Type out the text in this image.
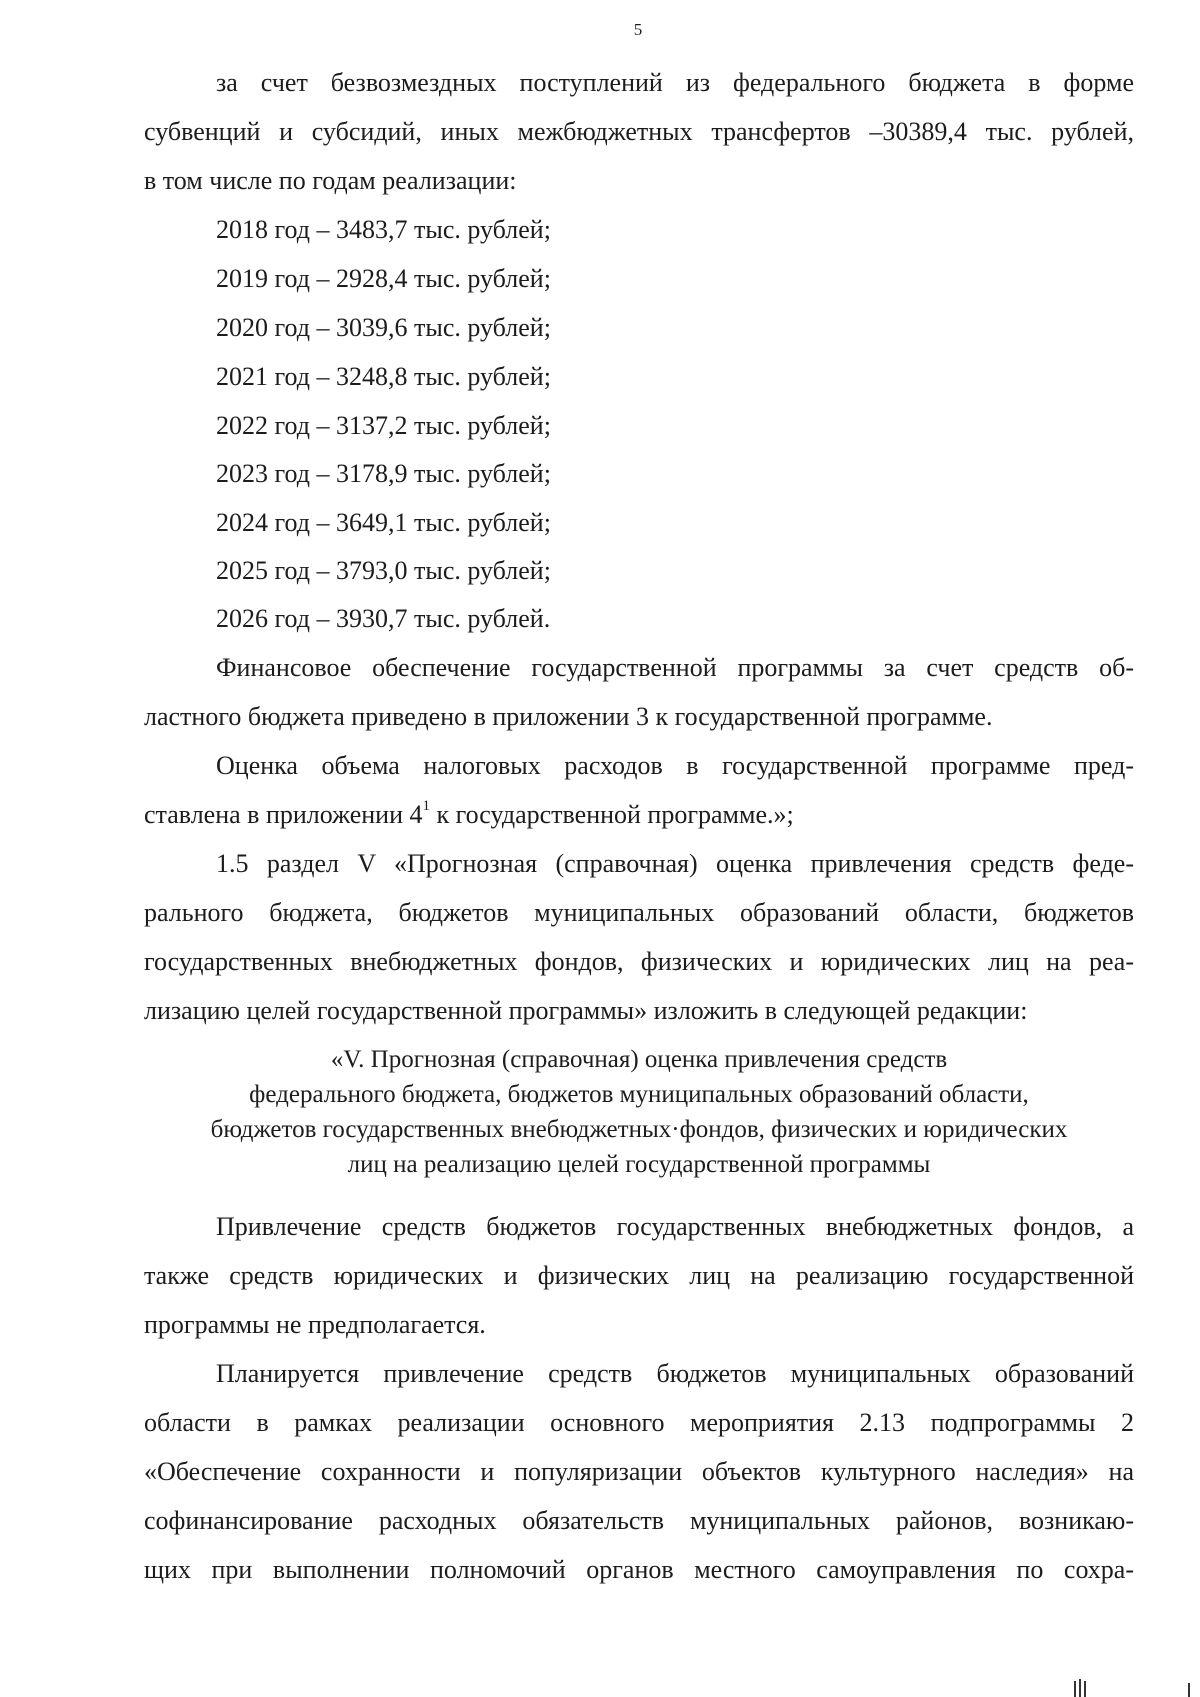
5
за счет безвозмездных поступлений из федерального бюджета в форме
субвенций и субсидий, иных межбюджетных трансфертов –30389,4 тыс. рублей,
в том числе по годам реализации:
2018 год – 3483,7 тыс. рублей;
2019 год – 2928,4 тыс. рублей;
2020 год – 3039,6 тыс. рублей;
2021 год – 3248,8 тыс. рублей;
2022 год – 3137,2 тыс. рублей;
2023 год – 3178,9 тыс. рублей;
2024 год – 3649,1 тыс. рублей;
2025 год – 3793,0 тыс. рублей;
2026 год – 3930,7 тыс. рублей.
Финансовое обеспечение государственной программы за счет средств об-
ластного бюджета приведено в приложении 3 к государственной программе.
Оценка объема налоговых расходов в государственной программе пред-
ставлена в приложении $4^1$ к государственной программе.»;
1.5 раздел V «Прогнозная (справочная) оценка привлечения средств феде-
рального бюджета, бюджетов муниципальных образований области, бюджетов
государственных внебюджетных фондов, физических и юридических лиц на реа-
лизацию целей государственной программы» изложить в следующей редакции:
«V. Прогнозная (справочная) оценка привлечения средств
федерального бюджета, бюджетов муниципальных образований области,
бюджетов государственных внебюджетных·фондов, физических и юридических
лиц на реализацию целей государственной программы
Привлечение средств бюджетов государственных внебюджетных фондов, а
также средств юридических и физических лиц на реализацию государственной
программы не предполагается.
Планируется привлечение средств бюджетов муниципальных образований
области в рамках реализации основного мероприятия 2.13 подпрограммы 2
«Обеспечение сохранности и популяризации объектов культурного наследия» на
софинансирование расходных обязательств муниципальных районов, возникаю-
щих при выполнении полномочий органов местного самоуправления по сохра-
